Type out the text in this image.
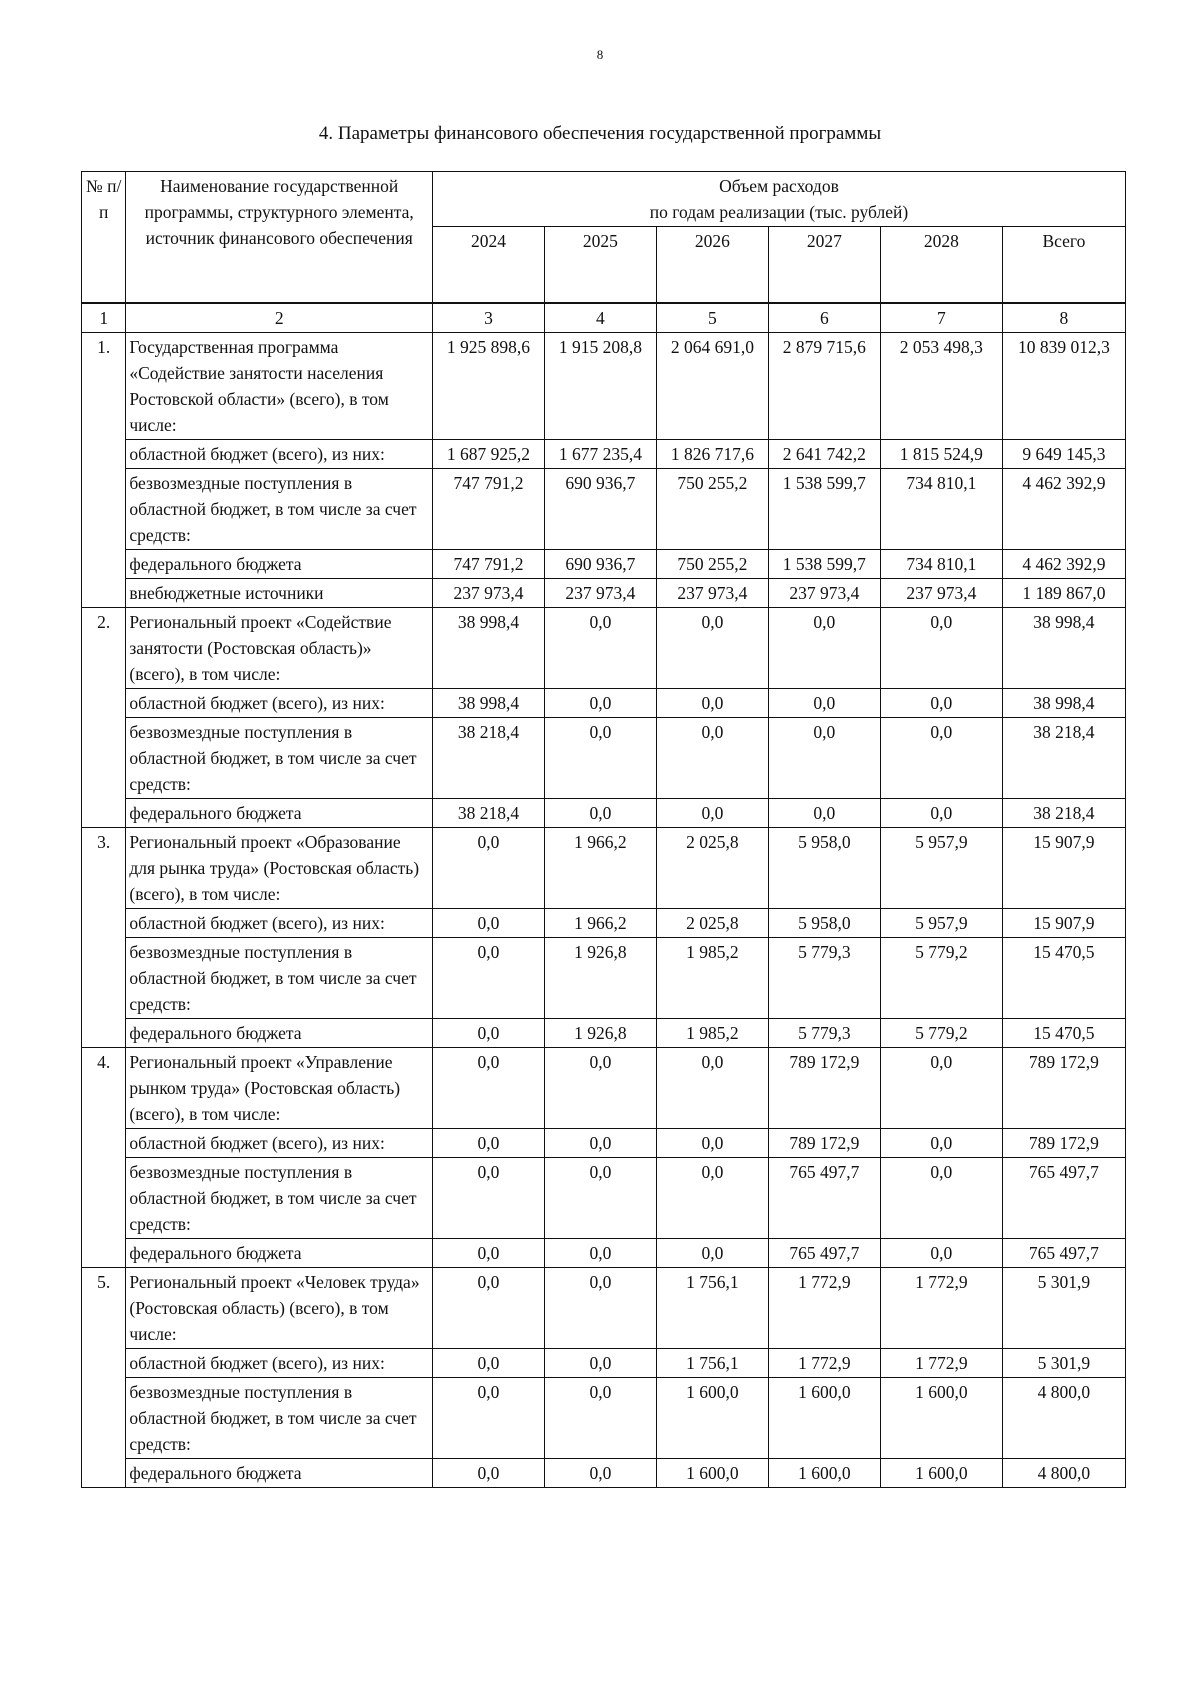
8
4. Параметры финансового обеспечения государственной программы
№ п/п	Наименование государственной программы, структурного элемента, источник финансового обеспечения	Объем расходов
по годам реализации (тыс. рублей)					

		2024	2025	2026	2027	2028	Всего
1	2	3	4	5	6	7	8
1.	Государственная программа «Содействие занятости населения Ростовской области» (всего), в том числе:	1 925 898,6	1 915 208,8	2 064 691,0	2 879 715,6	2 053 498,3	10 839 012,3
	областной бюджет (всего), из них:	1 687 925,2	1 677 235,4	1 826 717,6	2 641 742,2	1 815 524,9	9 649 145,3
	безвозмездные поступления в областной бюджет, в том числе за счет средств:	747 791,2	690 936,7	750 255,2	1 538 599,7	734 810,1	4 462 392,9
	федерального бюджета	747 791,2	690 936,7	750 255,2	1 538 599,7	734 810,1	4 462 392,9
	внебюджетные источники	237 973,4	237 973,4	237 973,4	237 973,4	237 973,4	1 189 867,0
2.	Региональный проект «Содействие занятости (Ростовская область)» (всего), в том числе:	38 998,4	0,0	0,0	0,0	0,0	38 998,4
	областной бюджет (всего), из них:	38 998,4	0,0	0,0	0,0	0,0	38 998,4
	безвозмездные поступления в областной бюджет, в том числе за счет средств:	38 218,4	0,0	0,0	0,0	0,0	38 218,4
	федерального бюджета	38 218,4	0,0	0,0	0,0	0,0	38 218,4
3.	Региональный проект «Образование для рынка труда» (Ростовская область) (всего), в том числе:	0,0	1 966,2	2 025,8	5 958,0	5 957,9	15 907,9
	областной бюджет (всего), из них:	0,0	1 966,2	2 025,8	5 958,0	5 957,9	15 907,9
	безвозмездные поступления в областной бюджет, в том числе за счет средств:	0,0	1 926,8	1 985,2	5 779,3	5 779,2	15 470,5
	федерального бюджета	0,0	1 926,8	1 985,2	5 779,3	5 779,2	15 470,5
4.	Региональный проект «Управление рынком труда» (Ростовская область) (всего), в том числе:	0,0	0,0	0,0	789 172,9	0,0	789 172,9
	областной бюджет (всего), из них:	0,0	0,0	0,0	789 172,9	0,0	789 172,9
	безвозмездные поступления в областной бюджет, в том числе за счет средств:	0,0	0,0	0,0	765 497,7	0,0	765 497,7
	федерального бюджета	0,0	0,0	0,0	765 497,7	0,0	765 497,7
5.	Региональный проект «Человек труда» (Ростовская область) (всего), в том числе:	0,0	0,0	1 756,1	1 772,9	1 772,9	5 301,9
	областной бюджет (всего), из них:	0,0	0,0	1 756,1	1 772,9	1 772,9	5 301,9
	безвозмездные поступления в областной бюджет, в том числе за счет средств:	0,0	0,0	1 600,0	1 600,0	1 600,0	4 800,0
	федерального бюджета	0,0	0,0	1 600,0	1 600,0	1 600,0	4 800,0
